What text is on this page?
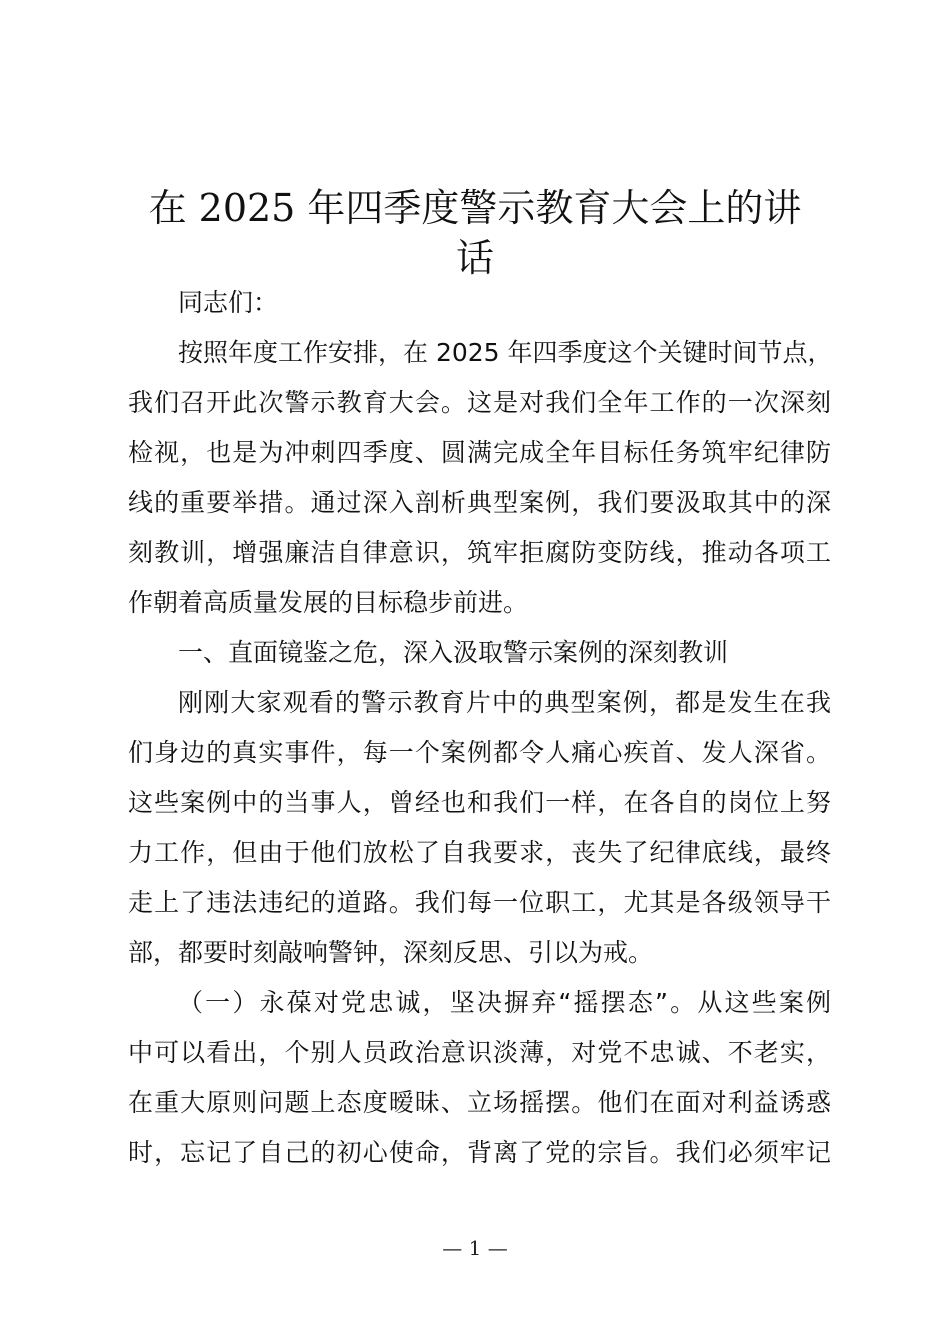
在 2025 年四季度警示教育大会上的讲
话
同志们：
按照年度工作安排，在 2025 年四季度这个关键时间节点，
我们召开此次警示教育大会。这是对我们全年工作的一次深刻
检视，也是为冲刺四季度、圆满完成全年目标任务筑牢纪律防
线的重要举措。通过深入剖析典型案例，我们要汲取其中的深
刻教训，增强廉洁自律意识，筑牢拒腐防变防线，推动各项工
作朝着高质量发展的目标稳步前进。
一、直面镜鉴之危，深入汲取警示案例的深刻教训
刚刚大家观看的警示教育片中的典型案例，都是发生在我
们身边的真实事件，每一个案例都令人痛心疾首、发人深省。
这些案例中的当事人，曾经也和我们一样，在各自的岗位上努
力工作，但由于他们放松了自我要求，丧失了纪律底线，最终
走上了违法违纪的道路。我们每一位职工，尤其是各级领导干
部，都要时刻敲响警钟，深刻反思、引以为戒。
（一）永葆对党忠诚，坚决摒弃“摇摆态”。从这些案例
中可以看出，个别人员政治意识淡薄，对党不忠诚、不老实，
在重大原则问题上态度暧昧、立场摇摆。他们在面对利益诱惑
时，忘记了自己的初心使命，背离了党的宗旨。我们必须牢记
— 1 —
